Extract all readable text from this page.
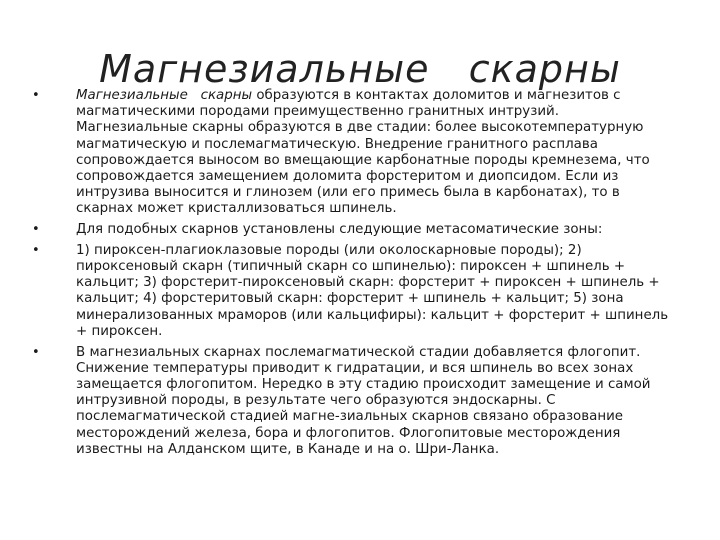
Магнезиальные   скарны
•	Магнезиальные   скарны образуются в контактах доломитов и магнезитов с магматическими породами преимущественно гранитных интрузий. Магнезиальные скарны образуются в две стадии: более высокотемпературную магматическую и послемагматическую. Внедрение гранитного расплава сопровождается выносом во вмещающие карбонатные породы кремнезема, что сопровождается замещением доломита форстеритом и диопсидом. Если из интрузива выносится и глинозем (или его примесь была в карбонатах), то в скарнах может кристаллизоваться шпинель.
•	Для подобных скарнов установлены следующие метасоматические зоны:
•	1) пироксен-плагиоклазовые породы (или околоскарновые породы); 2) пироксеновый скарн (типичный скарн со шпинелью): пироксен + шпинель + кальцит; 3) форстерит-пироксеновый скарн: форстерит + пироксен + шпинель + кальцит; 4) форстеритовый скарн: форстерит + шпинель + кальцит; 5) зона минерализованных мраморов (или кальцифиры): кальцит + форстерит + шпинель + пироксен.
•	В магнезиальных скарнах послемагматической стадии добавляется флогопит. Снижение температуры приводит к гидратации, и вся шпинель во всех зонах замещается флогопитом. Нередко в эту стадию происходит замещение и самой интрузивной породы, в результате чего образуются эндоскарны. С послемагматической стадией магне-зиальных скарнов связано образование месторождений железа, бора и флогопитов. Флогопитовые месторождения известны на Алданском щите, в Канаде и на о. Шри-Ланка.
